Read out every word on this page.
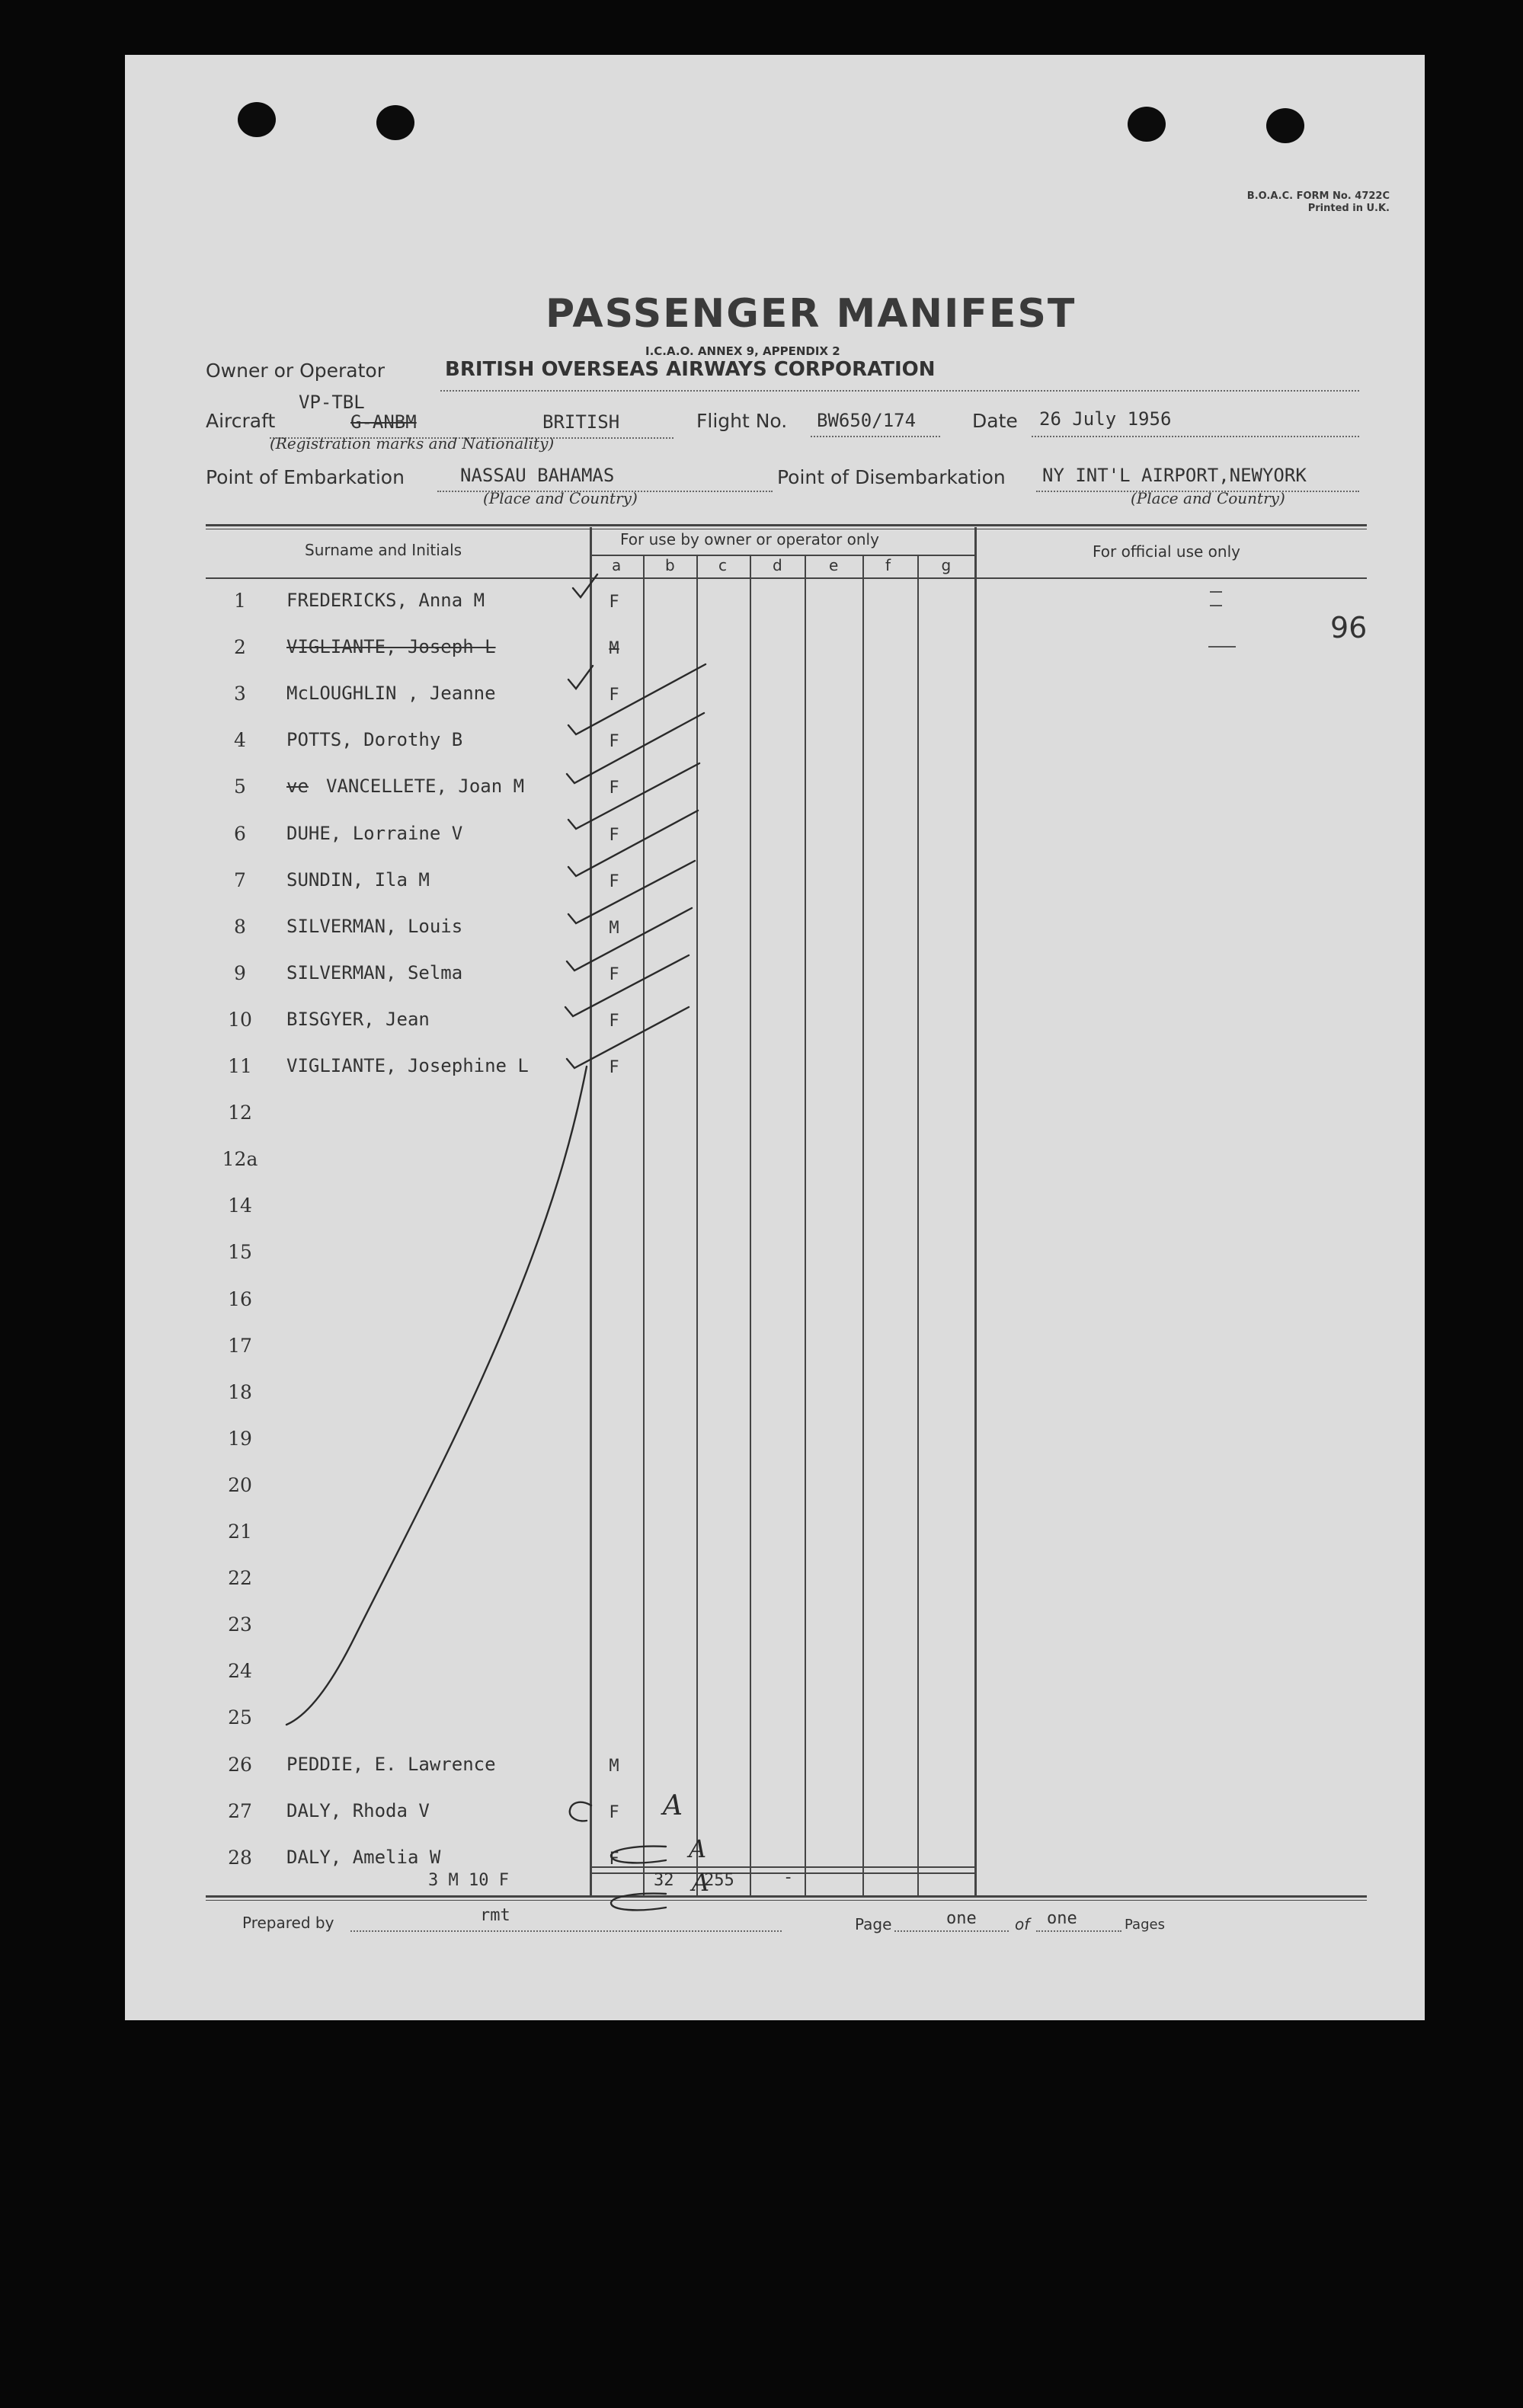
B.O.A.C. FORM No. 4722C
Printed in U.K.
PASSENGER MANIFEST
I.C.A.O. ANNEX 9, APPENDIX 2
Owner or Operator	BRITISH OVERSEAS AIRWAYS CORPORATION
Aircraft
VP-TBL
G-ANBM	BRITISH
(Registration marks and Nationality)
Flight No. BW650/174	Date 26 July 1956
Point of Embarkation	NASSAU BAHAMAS
(Place and Country)
Point of Disembarkation NY INT'L AIRPORT,NEWYORK
(Place and Country)
Surname and Initials
For use by owner or operator only
For official use only
a	b	c	d	e	f	g
1	FREDERICKS, Anna M	F
2	VIGLIANTE, Joseph L	M
3	McLOUGHLIN , Jeanne	F
4	POTTS, Dorothy B	F
5	ve VANCELLETE, Joan M	F
6	DUHE, Lorraine V	F
7	SUNDIN, Ila M	F
8	SILVERMAN, Louis	M
9	SILVERMAN, Selma	F
10	BISGYER, Jean	F
11	VIGLIANTE, Josephine L	F
12
12a
14
15
16
17
18
19
20
21
22
23
24
25
26	PEDDIE, E. Lawrence	M
27	DALY, Rhoda V	F
28	DALY, Amelia W	F
96
3 M 10 F	32 255	-
Prepared by	rmt	Page	one	of one	Pages
A
A
A
